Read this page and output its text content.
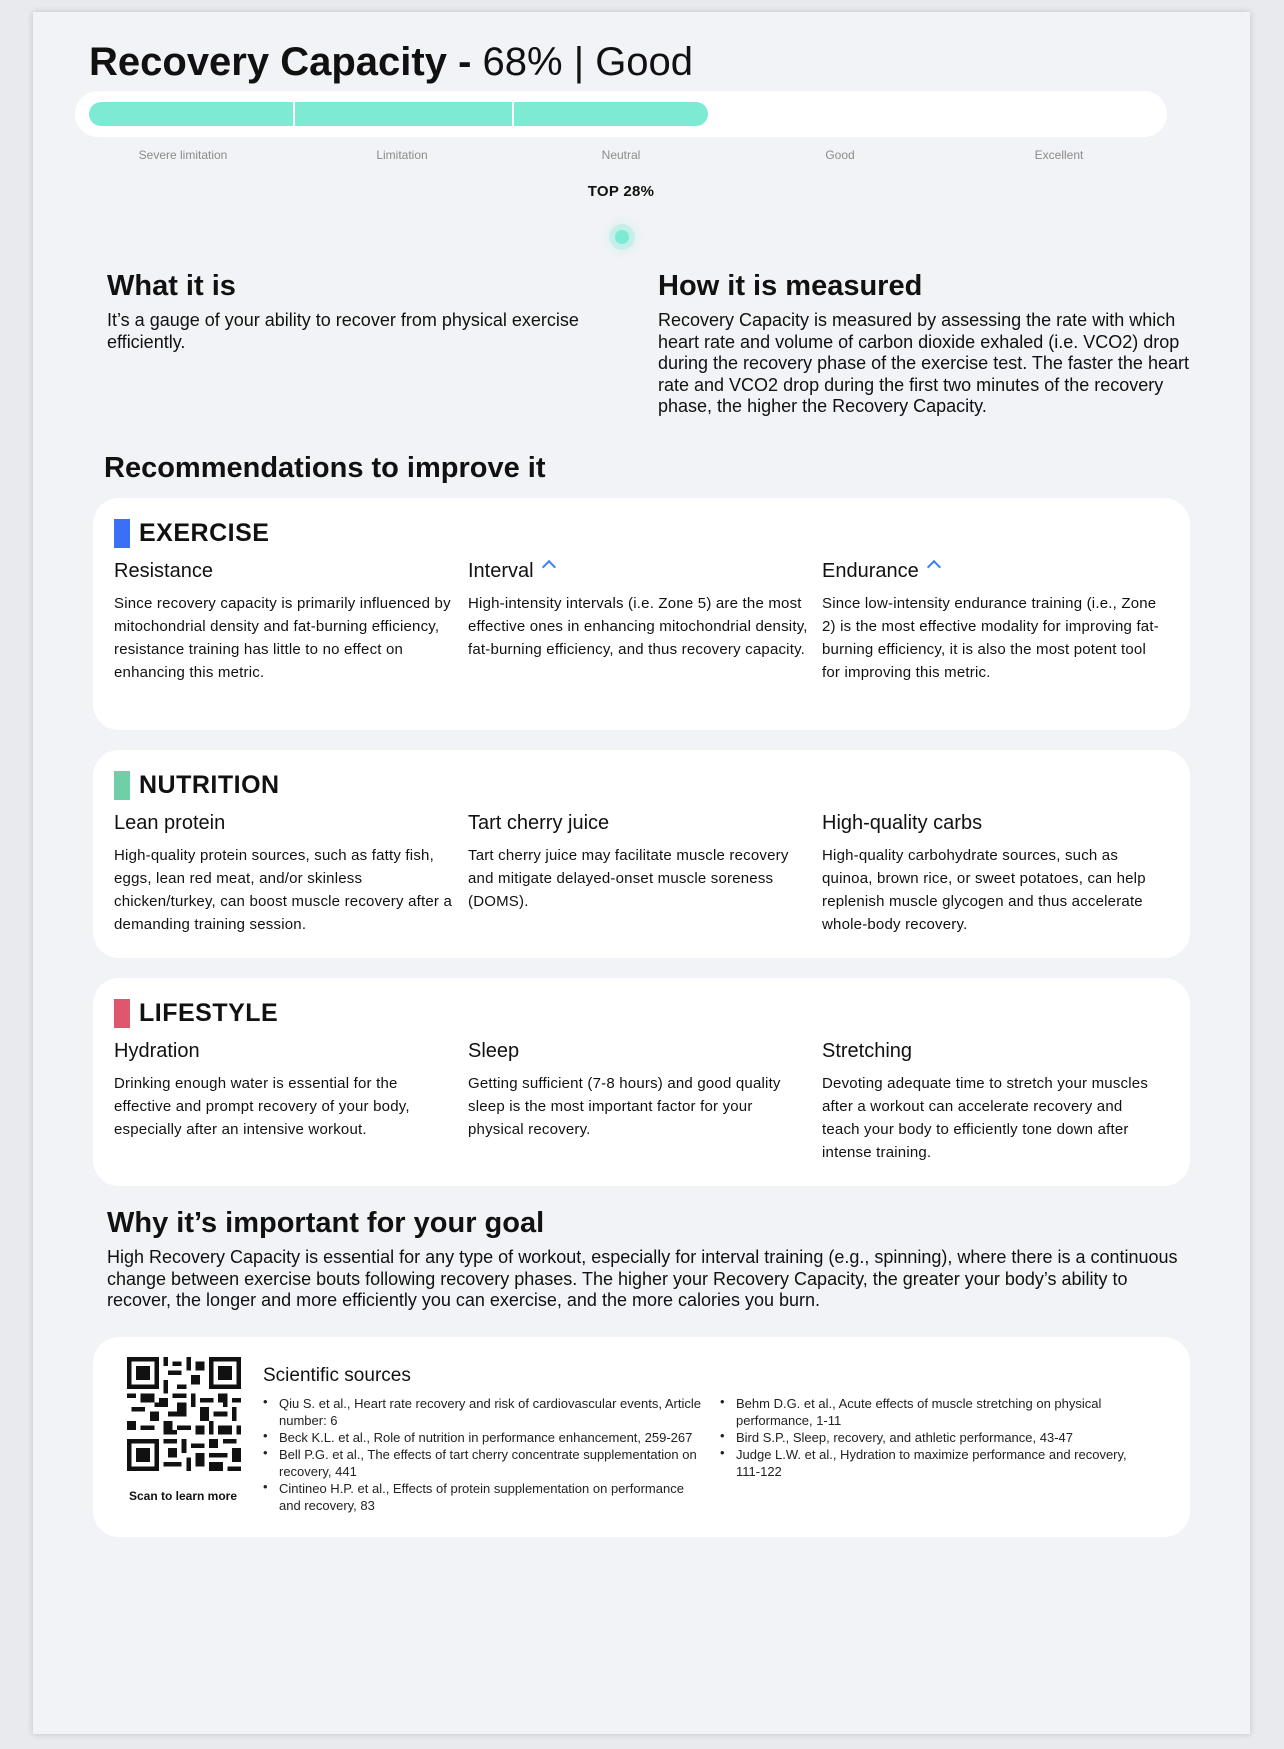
Recovery Capacity - 68% | Good
Severe limitation	Limitation	Neutral	Good	Excellent
TOP 28%
What it is

It’s a gauge of your ability to recover from physical exercise efficiently.

How it is measured

Recovery Capacity is measured by assessing the rate with which heart rate and volume of carbon dioxide exhaled (i.e. VCO2) drop during the recovery phase of the exercise test. The faster the heart rate and VCO2 drop during the first two minutes of the recovery phase, the higher the Recovery Capacity.

Recommendations to improve it
EXERCISE
Resistance
Since recovery capacity is primarily influenced by mitochondrial density and fat-burning efficiency, resistance training has little to no effect on enhancing this metric.
Interval
High-intensity intervals (i.e. Zone 5) are the most effective ones in enhancing mitochondrial density, fat-burning efficiency, and thus recovery capacity.
Endurance
Since low-intensity endurance training (i.e., Zone 2) is the most effective modality for improving fat-burning efficiency, it is also the most potent tool for improving this metric.
NUTRITION
Lean protein
High-quality protein sources, such as fatty fish, eggs, lean red meat, and/or skinless chicken/turkey, can boost muscle recovery after a demanding training session.
Tart cherry juice
Tart cherry juice may facilitate muscle recovery and mitigate delayed-onset muscle soreness (DOMS).
High-quality carbs
High-quality carbohydrate sources, such as quinoa, brown rice, or sweet potatoes, can help replenish muscle glycogen and thus accelerate whole-body recovery.
LIFESTYLE
Hydration
Drinking enough water is essential for the effective and prompt recovery of your body, especially after an intensive workout.
Sleep
Getting sufficient (7-8 hours) and good quality sleep is the most important factor for your physical recovery.
Stretching
Devoting adequate time to stretch your muscles after a workout can accelerate recovery and teach your body to efficiently tone down after intense training.
Why it’s important for your goal

High Recovery Capacity is essential for any type of workout, especially for interval training (e.g., spinning), where there is a continuous change between exercise bouts following recovery phases. The higher your Recovery Capacity, the greater your body’s ability to recover, the longer and more efficiently you can exercise, and the more calories you burn.

Scan to learn more
Scientific sources
• Qiu S. et al., Heart rate recovery and risk of cardiovascular events, Article number: 6
• Beck K.L. et al., Role of nutrition in performance enhancement, 259-267
• Bell P.G. et al., The effects of tart cherry concentrate supplementation on recovery, 441
• Cintineo H.P. et al., Effects of protein supplementation on performance and recovery, 83
• Behm D.G. et al., Acute effects of muscle stretching on physical performance, 1-11
• Bird S.P., Sleep, recovery, and athletic performance, 43-47
• Judge L.W. et al., Hydration to maximize performance and recovery, 111-122
